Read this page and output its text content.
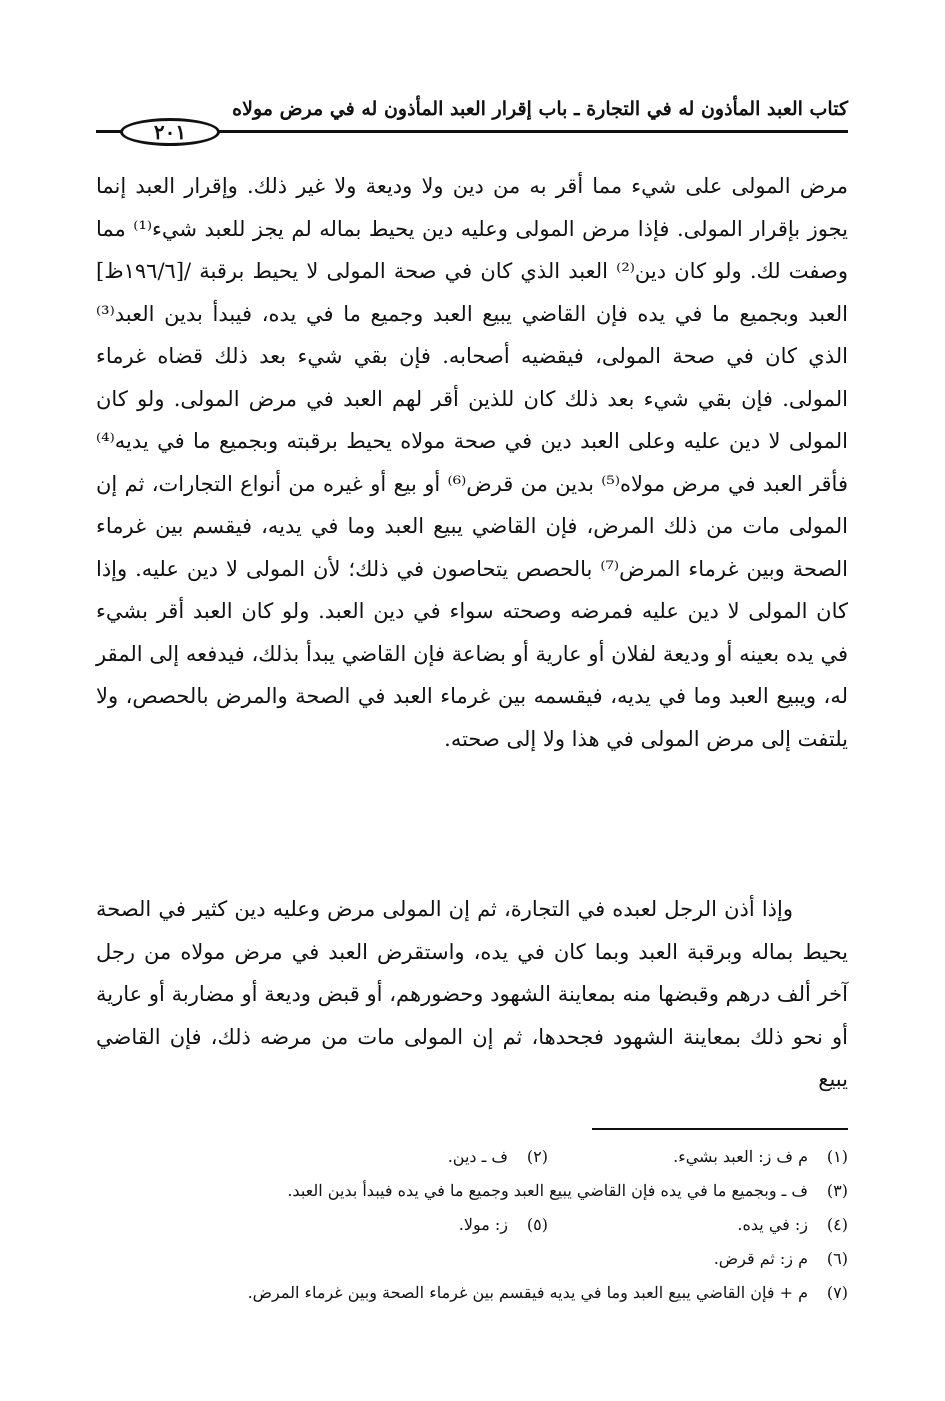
كتاب العبد المأذون له في التجارة ـ باب إقرار العبد المأذون له في مرض مولاه
٢٠١

مرض المولى على شيء مما أقر به من دين ولا وديعة ولا غير ذلك. وإقرار العبد إنما يجوز بإقرار المولى. فإذا مرض المولى وعليه دين يحيط بماله لم يجز للعبد شيء⁽¹⁾ مما وصفت لك. ولو كان دين⁽²⁾ العبد الذي كان في صحة المولى لا يحيط برقبة /[١٩٦/٦ظ] العبد وبجميع ما في يده فإن القاضي يبيع العبد وجميع ما في يده، فيبدأ بدين العبد⁽³⁾ الذي كان في صحة المولى، فيقضيه أصحابه. فإن بقي شيء بعد ذلك قضاه غرماء المولى. فإن بقي شيء بعد ذلك كان للذين أقر لهم العبد في مرض المولى. ولو كان المولى لا دين عليه وعلى العبد دين في صحة مولاه يحيط برقبته وبجميع ما في يديه⁽⁴⁾ فأقر العبد في مرض مولاه⁽⁵⁾ بدين من قرض⁽⁶⁾ أو بيع أو غيره من أنواع التجارات، ثم إن المولى مات من ذلك المرض، فإن القاضي يبيع العبد وما في يديه، فيقسم بين غرماء الصحة وبين غرماء المرض⁽⁷⁾ بالحصص يتحاصون في ذلك؛ لأن المولى لا دين عليه. وإذا كان المولى لا دين عليه فمرضه وصحته سواء في دين العبد. ولو كان العبد أقر بشيء في يده بعينه أو وديعة لفلان أو عارية أو بضاعة فإن القاضي يبدأ بذلك، فيدفعه إلى المقر له، ويبيع العبد وما في يديه، فيقسمه بين غرماء العبد في الصحة والمرض بالحصص، ولا يلتفت إلى مرض المولى في هذا ولا إلى صحته.

وإذا أذن الرجل لعبده في التجارة، ثم إن المولى مرض وعليه دين كثير في الصحة يحيط بماله وبرقبة العبد وبما كان في يده، واستقرض العبد في مرض مولاه من رجل آخر ألف درهم وقبضها منه بمعاينة الشهود وحضورهم، أو قبض وديعة أو مضاربة أو عارية أو نحو ذلك بمعاينة الشهود فجحدها، ثم إن المولى مات من مرضه ذلك، فإن القاضي يبيع

(١)
م ف ز: العبد بشيء.
(٢)
ف ـ دين.
(٣)
ف ـ وبجميع ما في يده فإن القاضي يبيع العبد وجميع ما في يده فيبدأ بدين العبد.
(٤)
ز: في يده.
(٥)
ز: مولا.
(٦)
م ز: ثم قرض.
(٧)
م + فإن القاضي يبيع العبد وما في يديه فيقسم بين غرماء الصحة وبين غرماء المرض.
